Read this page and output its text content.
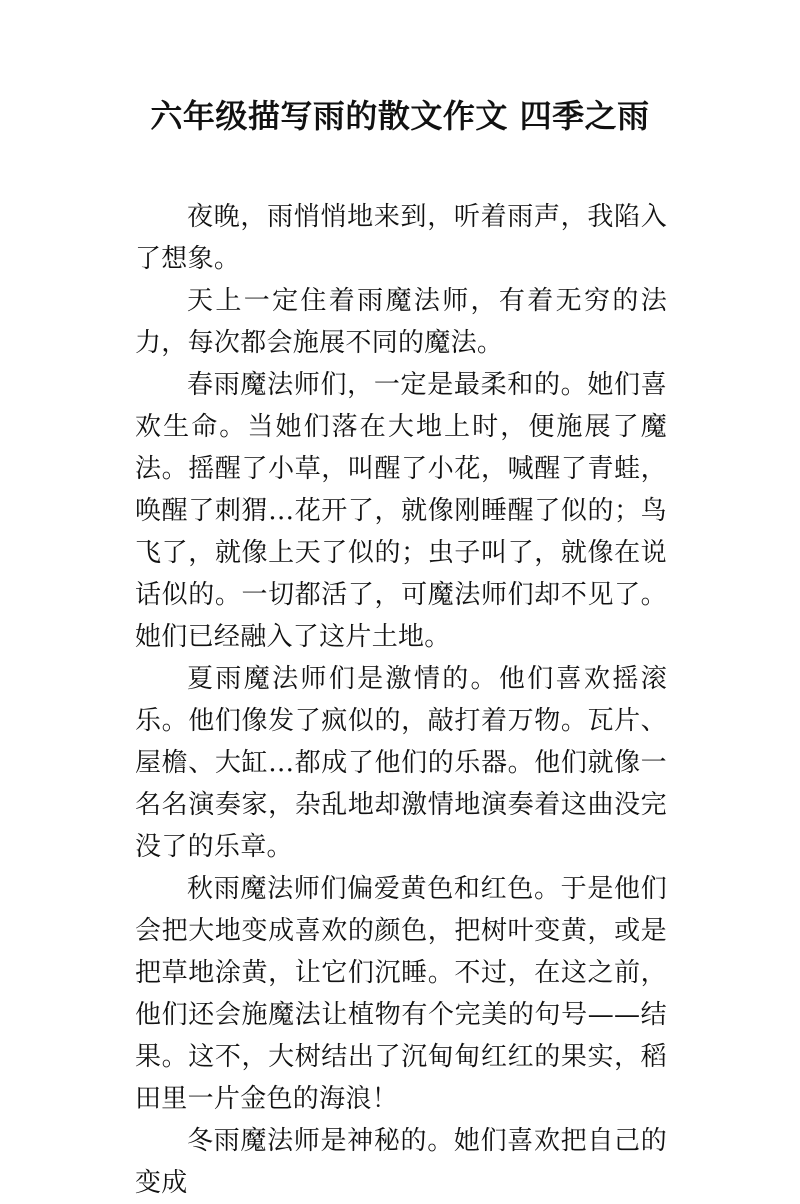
六年级描写雨的散文作文 四季之雨

夜晚，雨悄悄地来到，听着雨声，我陷入了想象。

天上一定住着雨魔法师，有着无穷的法力，每次都会施展不同的魔法。

春雨魔法师们，一定是最柔和的。她们喜欢生命。当她们落在大地上时，便施展了魔法。摇醒了小草，叫醒了小花，喊醒了青蛙，唤醒了刺猬…花开了，就像刚睡醒了似的；鸟飞了，就像上天了似的；虫子叫了，就像在说话似的。一切都活了，可魔法师们却不见了。她们已经融入了这片土地。

夏雨魔法师们是激情的。他们喜欢摇滚乐。他们像发了疯似的，敲打着万物。瓦片、屋檐、大缸…都成了他们的乐器。他们就像一名名演奏家，杂乱地却激情地演奏着这曲没完没了的乐章。

秋雨魔法师们偏爱黄色和红色。于是他们会把大地变成喜欢的颜色，把树叶变黄，或是把草地涂黄，让它们沉睡。不过，在这之前，他们还会施魔法让植物有个完美的句号——结果。这不，大树结出了沉甸甸红红的果实，稻田里一片金色的海浪！

冬雨魔法师是神秘的。她们喜欢把自己的变成
